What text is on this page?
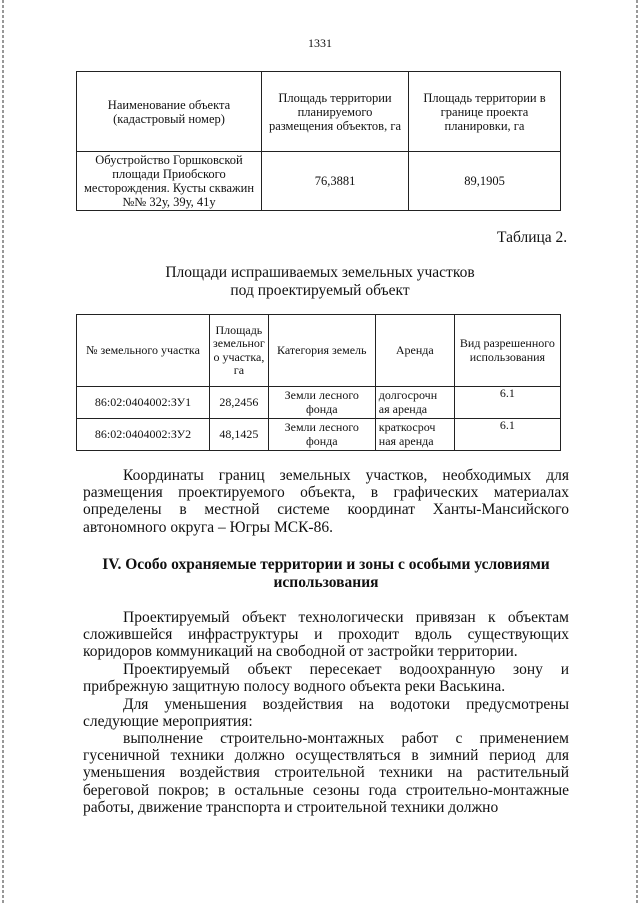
1331
Наименование объекта (кадастровый номер)	Площадь территории планируемого размещения объектов, га	Площадь территории в границе проекта планировки, га
Обустройство Горшковской площади Приобского месторождения. Кусты скважин №№ 32у, 39у, 41у	76,3881	89,1905
Таблица 2.
Площади испрашиваемых земельных участков
под проектируемый объект
№ земельного участка	Площадь земельног о участка, га	Категория земель	Аренда	Вид разрешенного использования
86:02:0404002:ЗУ1	28,2456	Земли лесного фонда	долгосрочн ая аренда	6.1
86:02:0404002:ЗУ2	48,1425	Земли лесного фонда	краткосроч ная аренда	6.1
Координаты границ земельных участков, необходимых для размещения проектируемого объекта, в графических материалах определены в местной системе координат Ханты-Мансийского автономного округа – Югры МСК-86.
IV. Особо охраняемые территории и зоны с особыми условиями
использования
Проектируемый объект технологически привязан к объектам сложившейся инфраструктуры и проходит вдоль существующих коридоров коммуникаций на свободной от застройки территории.
Проектируемый объект пересекает водоохранную зону и прибрежную защитную полосу водного объекта реки Васькина.
Для уменьшения воздействия на водотоки предусмотрены следующие мероприятия:
выполнение строительно-монтажных работ с применением гусеничной техники должно осуществляться в зимний период для уменьшения воздействия строительной техники на растительный береговой покров; в остальные сезоны года строительно-монтажные работы, движение транспорта и строительной техники должно
